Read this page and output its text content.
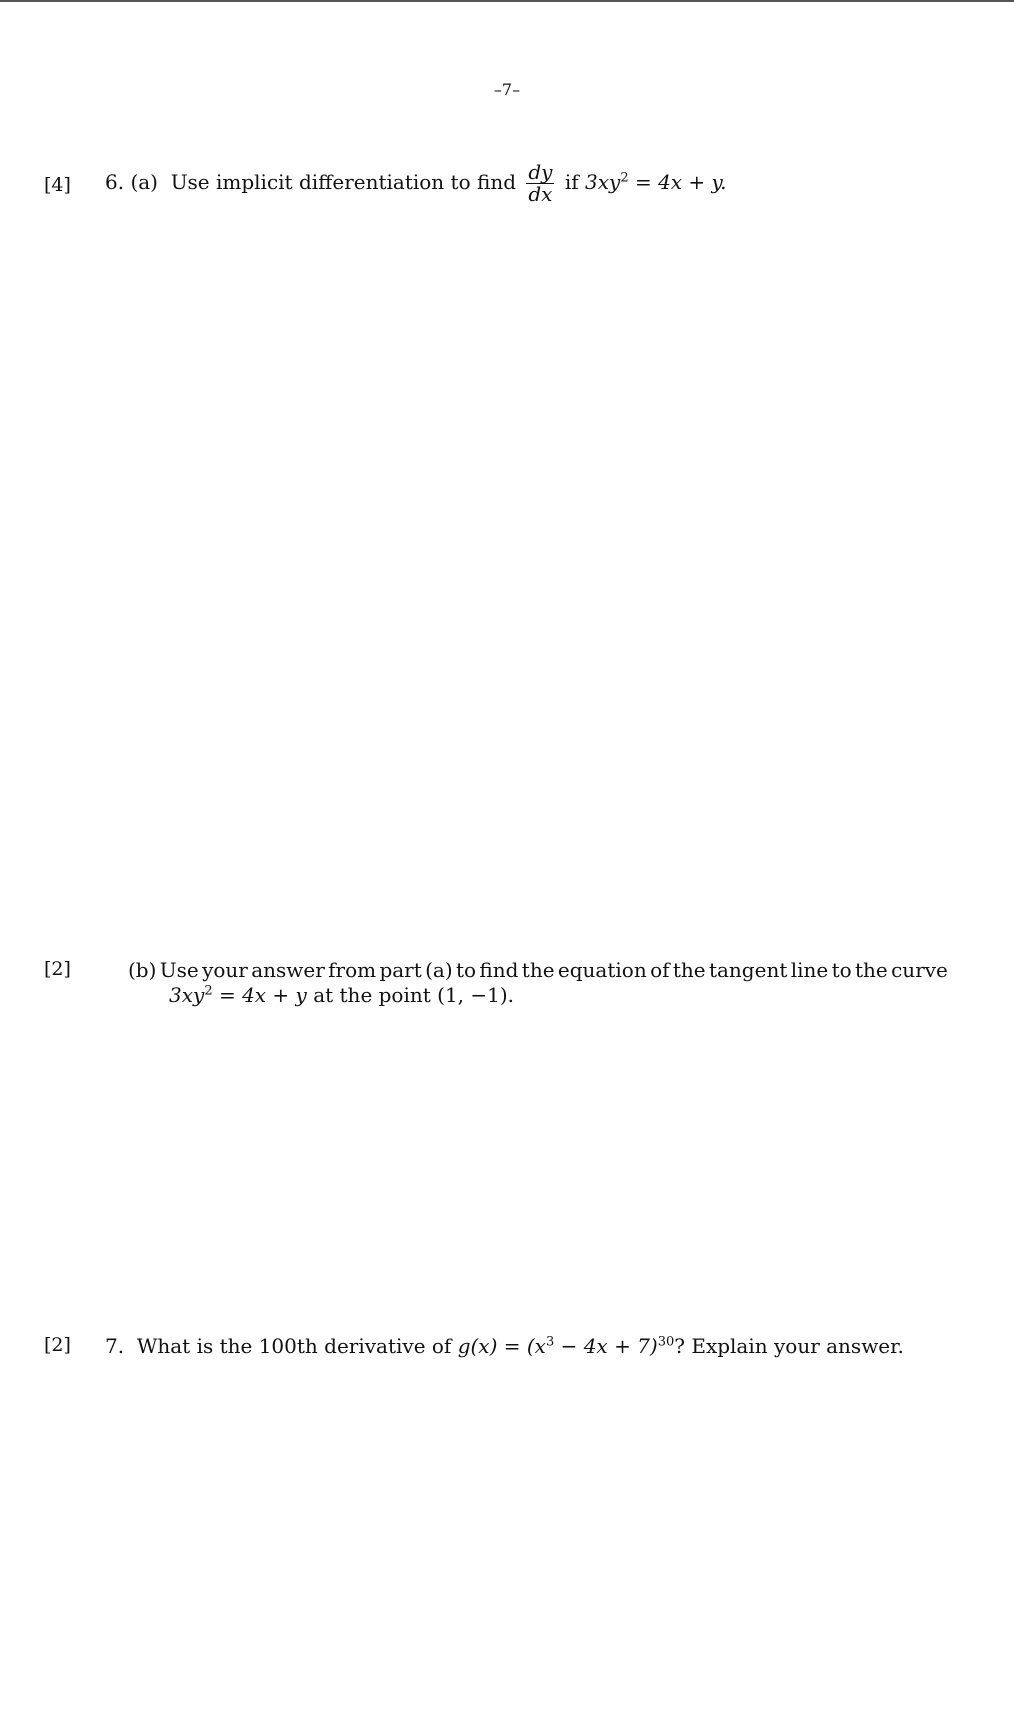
–7–
[4] 6. (a) Use implicit differentiation to find $\frac{dy}{dx}$ if $3xy^2 = 4x + y$.
[2]	(b) Use your answer from part (a) to find the equation of the tangent line to the curve
$3xy^2 = 4x + y$ at the point (1, −1).
[2] 7. What is the 100th derivative of $g(x) = (x^3 - 4x + 7)^{30}$? Explain your answer.
